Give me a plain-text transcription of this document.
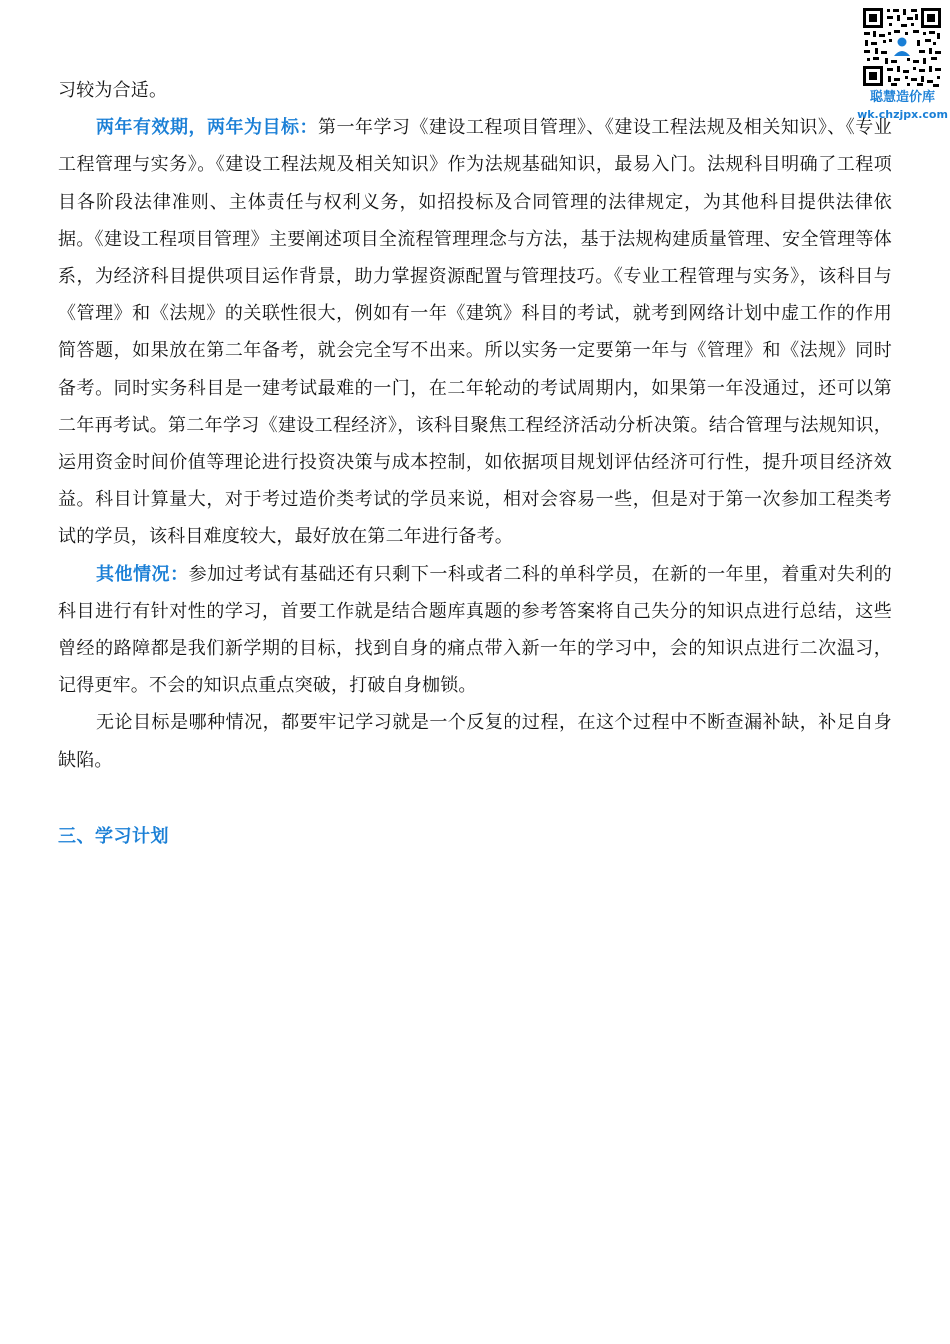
聪慧造价库
wk.chzjpx.com

习较为合适。

两年有效期，两年为目标：第一年学习《建设工程项目管理》、《建设工程法规及相关知识》、《专业工程管理与实务》。《建设工程法规及相关知识》作为法规基础知识，最易入门。法规科目明确了工程项目各阶段法律准则、主体责任与权利义务，如招投标及合同管理的法律规定，为其他科目提供法律依据。《建设工程项目管理》主要阐述项目全流程管理理念与方法，基于法规构建质量管理、安全管理等体系，为经济科目提供项目运作背景，助力掌握资源配置与管理技巧。《专业工程管理与实务》，该科目与《管理》和《法规》的关联性很大，例如有一年《建筑》科目的考试，就考到网络计划中虚工作的作用简答题，如果放在第二年备考，就会完全写不出来。所以实务一定要第一年与《管理》和《法规》同时备考。同时实务科目是一建考试最难的一门，在二年轮动的考试周期内，如果第一年没通过，还可以第二年再考试。第二年学习《建设工程经济》，该科目聚焦工程经济活动分析决策。结合管理与法规知识，运用资金时间价值等理论进行投资决策与成本控制，如依据项目规划评估经济可行性，提升项目经济效益。科目计算量大，对于考过造价类考试的学员来说，相对会容易一些，但是对于第一次参加工程类考试的学员，该科目难度较大，最好放在第二年进行备考。

其他情况：参加过考试有基础还有只剩下一科或者二科的单科学员，在新的一年里，着重对失利的科目进行有针对性的学习，首要工作就是结合题库真题的参考答案将自己失分的知识点进行总结，这些曾经的路障都是我们新学期的目标，找到自身的痛点带入新一年的学习中，会的知识点进行二次温习，记得更牢。不会的知识点重点突破，打破自身枷锁。

无论目标是哪种情况，都要牢记学习就是一个反复的过程，在这个过程中不断查漏补缺，补足自身缺陷。

三、学习计划
